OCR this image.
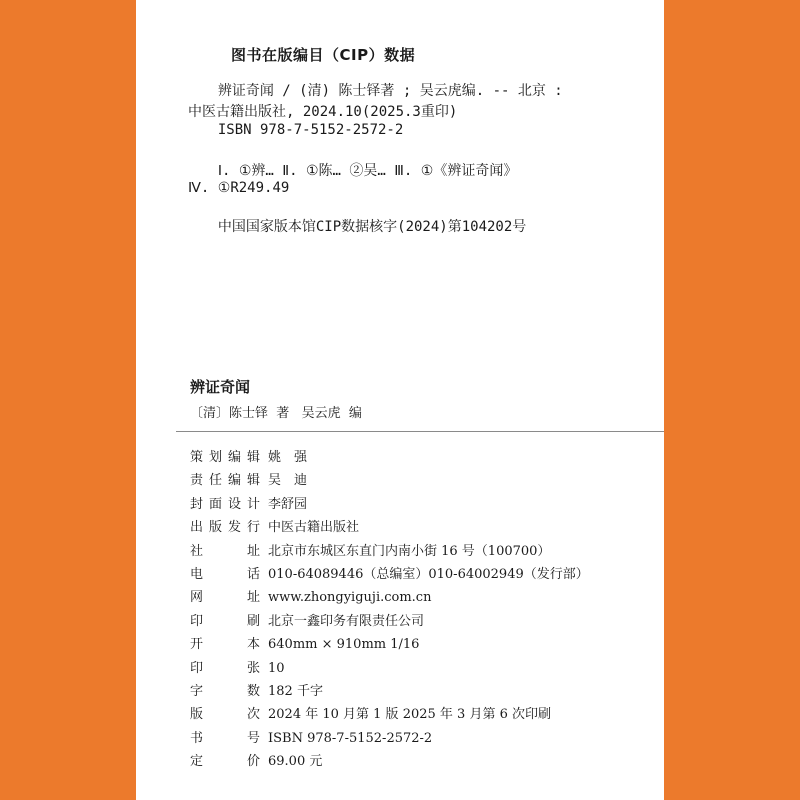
图书在版编目（CIP）数据
辨证奇闻 / (清) 陈士铎著 ; 吴云虎编. -- 北京 :
中医古籍出版社, 2024.10(2025.3重印)
ISBN 978-7-5152-2572-2
Ⅰ. ①辨… Ⅱ. ①陈… ②吴… Ⅲ. ①《辨证奇闻》
Ⅳ. ①R249.49
中国国家版本馆CIP数据核字(2024)第104202号
辨证奇闻
〔清〕陈士铎  著   吴云虎  编
策划编辑 姚　强
责任编辑 吴　迪
封面设计 李舒园
出版发行 中医古籍出版社
社址 北京市东城区东直门内南小街 16 号（100700）
电话 010-64089446（总编室）010-64002949（发行部）
网址 www.zhongyiguji.com.cn
印刷 北京一鑫印务有限责任公司
开本 640mm × 910mm 1/16
印张 10
字数 182 千字
版次 2024 年 10 月第 1 版 2025 年 3 月第 6 次印刷
书号 ISBN 978-7-5152-2572-2
定价 69.00 元
